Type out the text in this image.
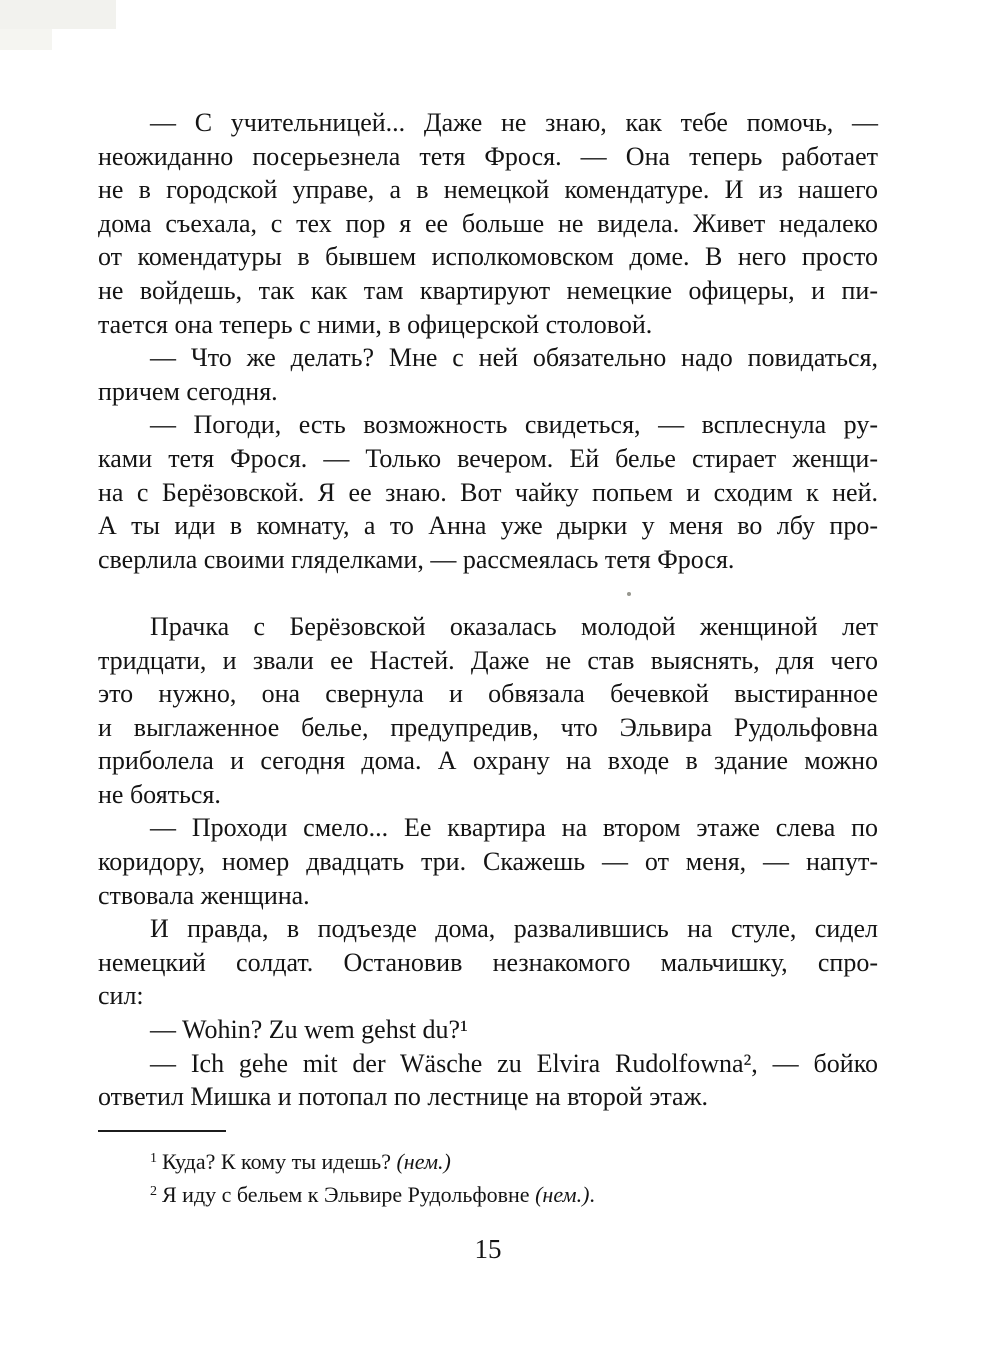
— С учительницей... Даже не знаю, как тебе помочь, —
неожиданно посерьезнела тетя Фрося. — Она теперь работает
не в городской управе, а в немецкой комендатуре. И из нашего
дома съехала, с тех пор я ее больше не видела. Живет недалеко
от комендатуры в бывшем исполкомовском доме. В него просто
не войдешь, так как там квартируют немецкие офицеры, и пи-
тается она теперь с ними, в офицерской столовой.
— Что же делать? Мне с ней обязательно надо повидаться,
причем сегодня.
— Погоди, есть возможность свидеться, — всплеснула ру-
ками тетя Фрося. — Только вечером. Ей белье стирает женщи-
на с Берёзовской. Я ее знаю. Вот чайку попьем и сходим к ней.
А ты иди в комнату, а то Анна уже дырки у меня во лбу про-
сверлила своими гляделками, — рассмеялась тетя Фрося.
Прачка с Берёзовской оказалась молодой женщиной лет
тридцати, и звали ее Настей. Даже не став выяснять, для чего
это нужно, она свернула и обвязала бечевкой выстиранное
и выглаженное белье, предупредив, что Эльвира Рудольфовна
приболела и сегодня дома. А охрану на входе в здание можно
не бояться.
— Проходи смело... Ее квартира на втором этаже слева по
коридору, номер двадцать три. Скажешь — от меня, — напут-
ствовала женщина.
И правда, в подъезде дома, развалившись на стуле, сидел
немецкий солдат. Остановив незнакомого мальчишку, спро-
сил:
— Wohin? Zu wem gehst du?¹
— Ich gehe mit der Wäsche zu Elvira Rudolfowna², — бойко
ответил Мишка и потопал по лестнице на второй этаж.
$^1$ Куда? К кому ты идешь? (нем.)
$^2$ Я иду с бельем к Эльвире Рудольфовне (нем.).
15
